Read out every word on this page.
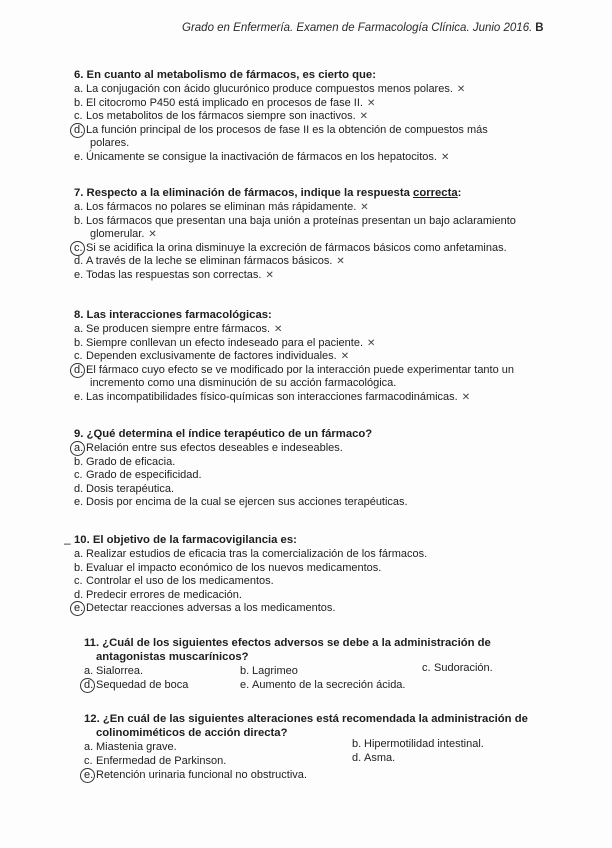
Grado en Enfermería. Examen de Farmacología Clínica. Junio 2016. B
6. En cuanto al metabolismo de fármacos, es cierto que:
a. La conjugación con ácido glucurónico produce compuestos menos polares. ✕
b. El citocromo P450 está implicado en procesos de fase II. ✕
c. Los metabolitos de los fármacos siempre son inactivos. ✕
d. La función principal de los procesos de fase II es la obtención de compuestos más
polares.
e. Únicamente se consigue la inactivación de fármacos en los hepatocitos. ✕
7. Respecto a la eliminación de fármacos, indique la respuesta correcta:
a. Los fármacos no polares se eliminan más rápidamente. ✕
b. Los fármacos que presentan una baja unión a proteínas presentan un bajo aclaramiento
glomerular. ✕
c. Si se acidifica la orina disminuye la excreción de fármacos básicos como anfetaminas.
d. A través de la leche se eliminan fármacos básicos. ✕
e. Todas las respuestas son correctas. ✕
8. Las interacciones farmacológicas:
a. Se producen siempre entre fármacos. ✕
b. Siempre conllevan un efecto indeseado para el paciente. ✕
c. Dependen exclusivamente de factores individuales. ✕
d. El fármaco cuyo efecto se ve modificado por la interacción puede experimentar tanto un
incremento como una disminución de su acción farmacológica.
e. Las incompatibilidades físico-químicas son interacciones farmacodinámicas. ✕
9. ¿Qué determina el índice terapéutico de un fármaco?
a. Relación entre sus efectos deseables e indeseables.
b. Grado de eficacia.
c. Grado de especificidad.
d. Dosis terapéutica.
e. Dosis por encima de la cual se ejercen sus acciones terapéuticas.
– 10. El objetivo de la farmacovigilancia es:
a. Realizar estudios de eficacia tras la comercialización de los fármacos.
b. Evaluar el impacto económico de los nuevos medicamentos.
c. Controlar el uso de los medicamentos.
d. Predecir errores de medicación.
e. Detectar reacciones adversas a los medicamentos.
11. ¿Cuál de los siguientes efectos adversos se debe a la administración de
antagonistas muscarínicos?
a. Sialorrea.	b. Lagrimeo	c. Sudoración.
d. Sequedad de boca	e. Aumento de la secreción ácida.
12. ¿En cuál de las siguientes alteraciones está recomendada la administración de
colinomiméticos de acción directa?
a. Miastenia grave.	b. Hipermotilidad intestinal.
c. Enfermedad de Parkinson.	d. Asma.
e. Retención urinaria funcional no obstructiva.
